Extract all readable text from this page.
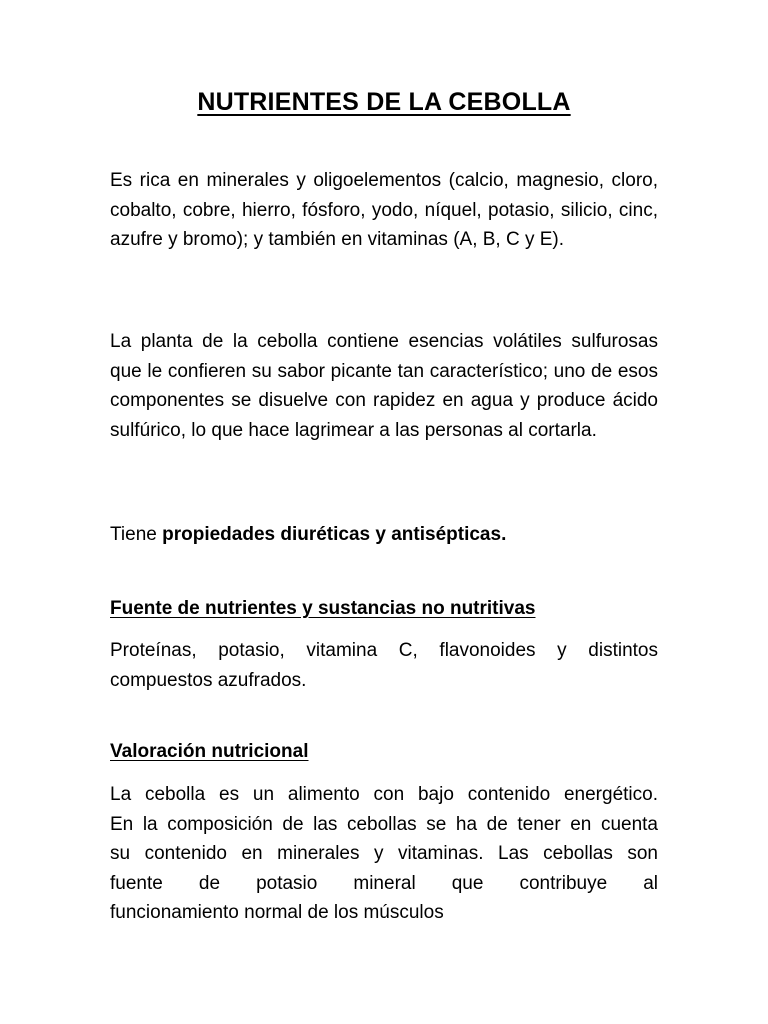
NUTRIENTES DE LA CEBOLLA

Es rica en minerales y oligoelementos (calcio, magnesio, cloro, cobalto, cobre, hierro, fósforo, yodo, níquel, potasio, silicio, cinc, azufre y bromo); y también en vitaminas (A, B, C y E).

La planta de la cebolla contiene esencias volátiles sulfurosas que le confieren su sabor picante tan característico; uno de esos componentes se disuelve con rapidez en agua y produce ácido sulfúrico, lo que hace lagrimear a las personas al cortarla.

Tiene propiedades diuréticas y antisépticas.

Fuente de nutrientes y sustancias no nutritivas

Proteínas, potasio, vitamina C, flavonoides y distintos compuestos azufrados.

Valoración nutricional

La cebolla es un alimento con bajo contenido energético.
En la composición de las cebollas se ha de tener en cuenta
su contenido en minerales y vitaminas. Las cebollas son
fuente de potasio mineral que contribuye al
funcionamiento normal de los músculos
